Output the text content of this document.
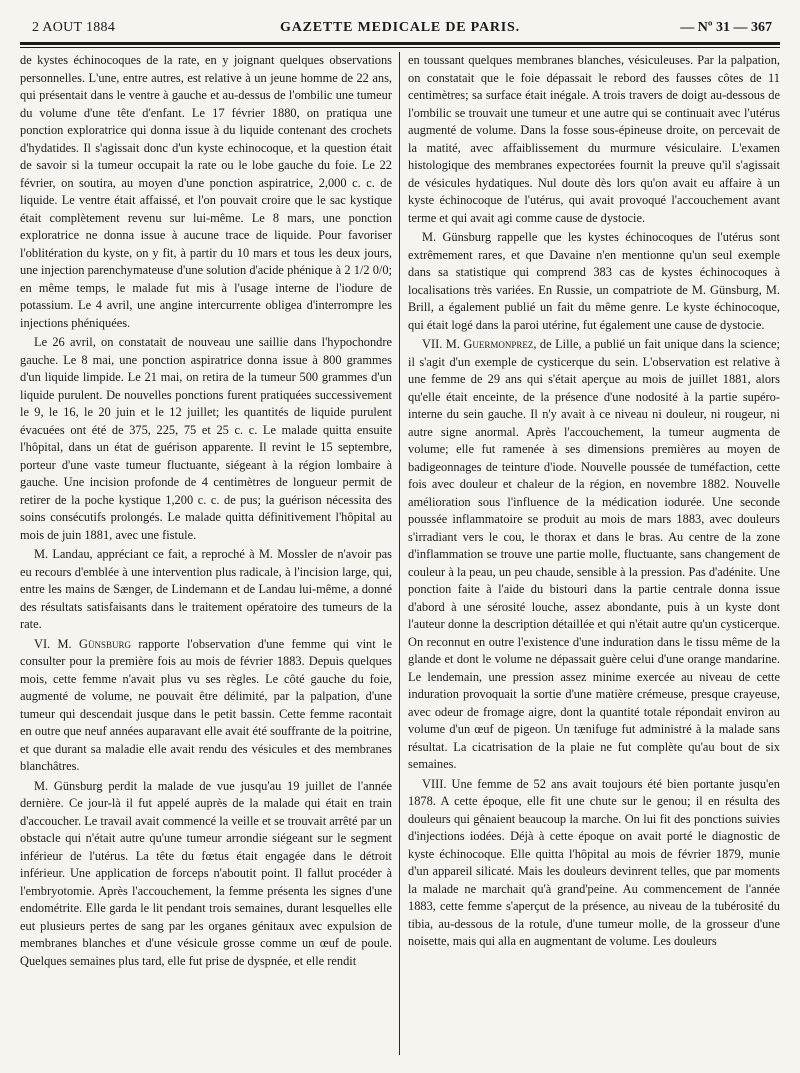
2 AOUT 1884	GAZETTE MEDICALE DE PARIS.	— Nº 31 — 367

de kystes échinocoques de la rate, en y joignant quelques observations personnelles. L'une, entre autres, est relative à un jeune homme de 22 ans, qui présentait dans le ventre à gauche et au-dessus de l'ombilic une tumeur du volume d'une tête d'enfant. Le 17 février 1880, on pratiqua une ponction exploratrice qui donna issue à du liquide contenant des crochets d'hydatides. Il s'agissait donc d'un kyste echinocoque, et la question était de savoir si la tumeur occupait la rate ou le lobe gauche du foie. Le 22 février, on soutira, au moyen d'une ponction aspiratrice, 2,000 c. c. de liquide. Le ventre était affaissé, et l'on pouvait croire que le sac kystique était complètement revenu sur lui-même. Le 8 mars, une ponction exploratrice ne donna issue à aucune trace de liquide. Pour favoriser l'oblitération du kyste, on y fit, à partir du 10 mars et tous les deux jours, une injection parenchymateuse d'une solution d'acide phénique à 2 1/2 0/0; en même temps, le malade fut mis à l'usage interne de l'iodure de potassium. Le 4 avril, une angine intercurrente obligea d'interrompre les injections phéniquées.

Le 26 avril, on constatait de nouveau une saillie dans l'hypochondre gauche. Le 8 mai, une ponction aspiratrice donna issue à 800 grammes d'un liquide limpide. Le 21 mai, on retira de la tumeur 500 grammes d'un liquide purulent. De nouvelles ponctions furent pratiquées successivement le 9, le 16, le 20 juin et le 12 juillet; les quantités de liquide purulent évacuées ont été de 375, 225, 75 et 25 c. c. Le malade quitta ensuite l'hôpital, dans un état de guérison apparente. Il revint le 15 septembre, porteur d'une vaste tumeur fluctuante, siégeant à la région lombaire à gauche. Une incision profonde de 4 centimètres de longueur permit de retirer de la poche kystique 1,200 c. c. de pus; la guérison nécessita des soins consécutifs prolongés. Le malade quitta définitivement l'hôpital au mois de juin 1881, avec une fistule.

M. Landau, appréciant ce fait, a reproché à M. Mossler de n'avoir pas eu recours d'emblée à une intervention plus radicale, à l'incision large, qui, entre les mains de Sænger, de Lindemann et de Landau lui-même, a donné des résultats satisfaisants dans le traitement opératoire des tumeurs de la rate.

VI. M. Günsburg rapporte l'observation d'une femme qui vint le consulter pour la première fois au mois de février 1883. Depuis quelques mois, cette femme n'avait plus vu ses règles. Le côté gauche du foie, augmenté de volume, ne pouvait être délimité, par la palpation, d'une tumeur qui descendait jusque dans le petit bassin. Cette femme racontait en outre que neuf années auparavant elle avait été souffrante de la poitrine, et que durant sa maladie elle avait rendu des vésicules et des membranes blanchâtres.

M. Günsburg perdit la malade de vue jusqu'au 19 juillet de l'année dernière. Ce jour-là il fut appelé auprès de la malade qui était en train d'accoucher. Le travail avait commencé la veille et se trouvait arrêté par un obstacle qui n'était autre qu'une tumeur arrondie siégeant sur le segment inférieur de l'utérus. La tête du fœtus était engagée dans le détroit inférieur. Une application de forceps n'aboutit point. Il fallut procéder à l'embryotomie. Après l'accouchement, la femme présenta les signes d'une endométrite. Elle garda le lit pendant trois semaines, durant lesquelles elle eut plusieurs pertes de sang par les organes génitaux avec expulsion de membranes blanches et d'une vésicule grosse comme un œuf de poule. Quelques semaines plus tard, elle fut prise de dyspnée, et elle rendit

en toussant quelques membranes blanches, vésiculeuses. Par la palpation, on constatait que le foie dépassait le rebord des fausses côtes de 11 centimètres; sa surface était inégale. A trois travers de doigt au-dessous de l'ombilic se trouvait une tumeur et une autre qui se continuait avec l'utérus augmenté de volume. Dans la fosse sous-épineuse droite, on percevait de la matité, avec affaiblissement du murmure vésiculaire. L'examen histologique des membranes expectorées fournit la preuve qu'il s'agissait de vésicules hydatiques. Nul doute dès lors qu'on avait eu affaire à un kyste échinocoque de l'utérus, qui avait provoqué l'accouchement avant terme et qui avait agi comme cause de dystocie.

M. Günsburg rappelle que les kystes échinocoques de l'utérus sont extrêmement rares, et que Davaine n'en mentionne qu'un seul exemple dans sa statistique qui comprend 383 cas de kystes échinocoques à localisations très variées. En Russie, un compatriote de M. Günsburg, M. Brill, a également publié un fait du même genre. Le kyste échinocoque, qui était logé dans la paroi utérine, fut également une cause de dystocie.

VII. M. Guermonprez, de Lille, a publié un fait unique dans la science; il s'agit d'un exemple de cysticerque du sein. L'observation est relative à une femme de 29 ans qui s'était aperçue au mois de juillet 1881, alors qu'elle était enceinte, de la présence d'une nodosité à la partie supéro-interne du sein gauche. Il n'y avait à ce niveau ni douleur, ni rougeur, ni autre signe anormal. Après l'accouchement, la tumeur augmenta de volume; elle fut ramenée à ses dimensions premières au moyen de badigeonnages de teinture d'iode. Nouvelle poussée de tuméfaction, cette fois avec douleur et chaleur de la région, en novembre 1882. Nouvelle amélioration sous l'influence de la médication iodurée. Une seconde poussée inflammatoire se produit au mois de mars 1883, avec douleurs s'irradiant vers le cou, le thorax et dans le bras. Au centre de la zone d'inflammation se trouve une partie molle, fluctuante, sans changement de couleur à la peau, un peu chaude, sensible à la pression. Pas d'adénite. Une ponction faite à l'aide du bistouri dans la partie centrale donna issue d'abord à une sérosité louche, assez abondante, puis à un kyste dont l'auteur donne la description détaillée et qui n'était autre qu'un cysticerque. On reconnut en outre l'existence d'une induration dans le tissu même de la glande et dont le volume ne dépassait guère celui d'une orange mandarine. Le lendemain, une pression assez minime exercée au niveau de cette induration provoquait la sortie d'une matière crémeuse, presque crayeuse, avec odeur de fromage aigre, dont la quantité totale répondait environ au volume d'un œuf de pigeon. Un tænifuge fut administré à la malade sans résultat. La cicatrisation de la plaie ne fut complète qu'au bout de six semaines.

VIII. Une femme de 52 ans avait toujours été bien portante jusqu'en 1878. A cette époque, elle fit une chute sur le genou; il en résulta des douleurs qui gênaient beaucoup la marche. On lui fit des ponctions suivies d'injections iodées. Déjà à cette époque on avait porté le diagnostic de kyste échinocoque. Elle quitta l'hôpital au mois de février 1879, munie d'un appareil silicaté. Mais les douleurs devinrent telles, que par moments la malade ne marchait qu'à grand'peine. Au commencement de l'année 1883, cette femme s'aperçut de la présence, au niveau de la tubérosité du tibia, au-dessous de la rotule, d'une tumeur molle, de la grosseur d'une noisette, mais qui alla en augmentant de volume. Les douleurs
